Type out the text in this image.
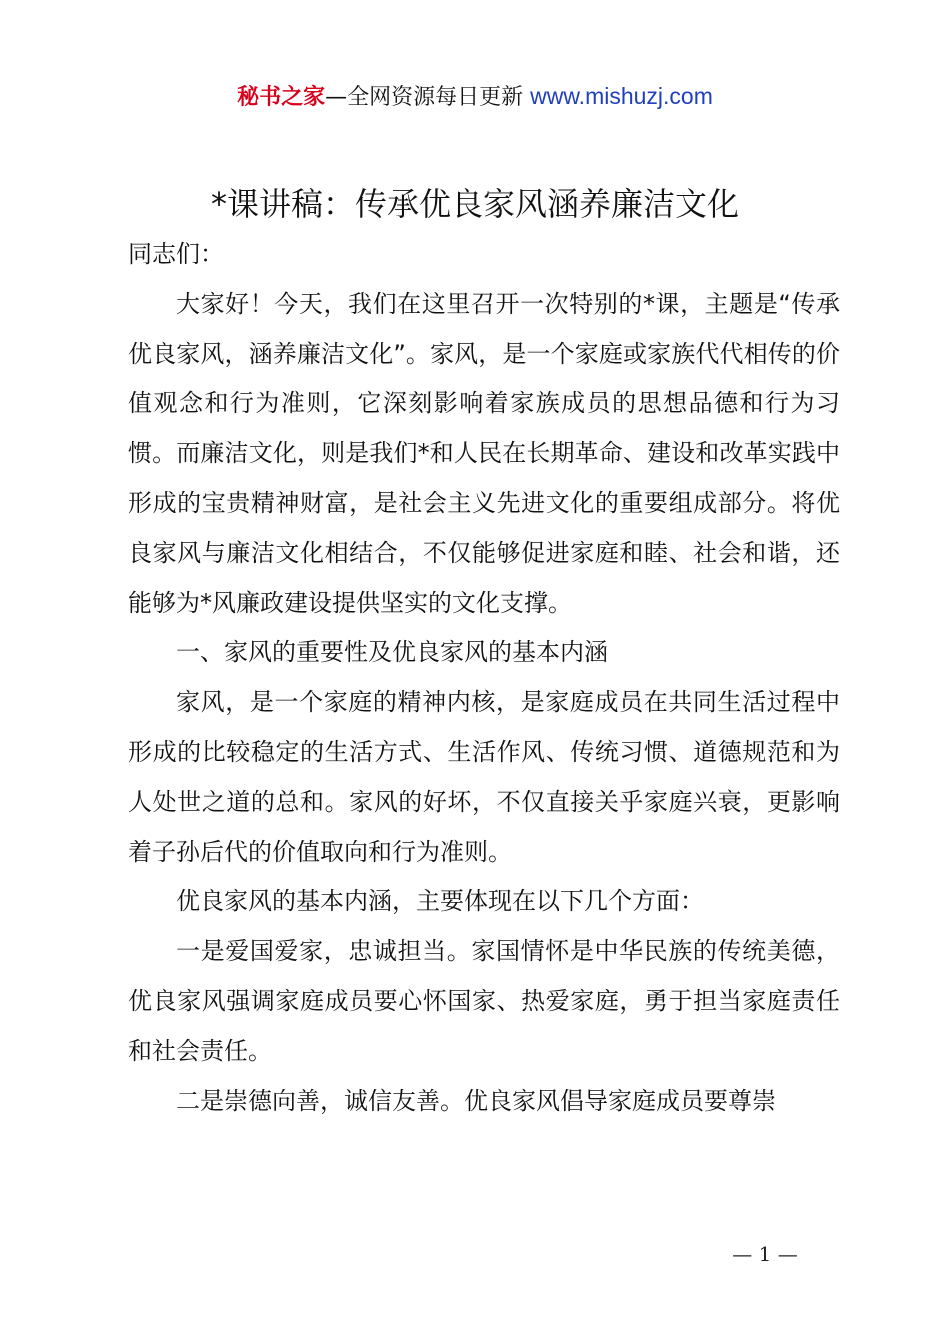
秘书之家—全网资源每日更新 www.mishuzj.com
*课讲稿：传承优良家风涵养廉洁文化

同志们：

大家好！今天，我们在这里召开一次特别的*课，主题是“传承优良家风，涵养廉洁文化”。家风，是一个家庭或家族代代相传的价值观念和行为准则，它深刻影响着家族成员的思想品德和行为习惯。而廉洁文化，则是我们*和人民在长期革命、建设和改革实践中形成的宝贵精神财富，是社会主义先进文化的重要组成部分。将优良家风与廉洁文化相结合，不仅能够促进家庭和睦、社会和谐，还能够为*风廉政建设提供坚实的文化支撑。

一、家风的重要性及优良家风的基本内涵

家风，是一个家庭的精神内核，是家庭成员在共同生活过程中形成的比较稳定的生活方式、生活作风、传统习惯、道德规范和为人处世之道的总和。家风的好坏，不仅直接关乎家庭兴衰，更影响着子孙后代的价值取向和行为准则。

优良家风的基本内涵，主要体现在以下几个方面：

一是爱国爱家，忠诚担当。家国情怀是中华民族的传统美德，优良家风强调家庭成员要心怀国家、热爱家庭，勇于担当家庭责任和社会责任。

二是崇德向善，诚信友善。优良家风倡导家庭成员要尊崇

— 1 —
